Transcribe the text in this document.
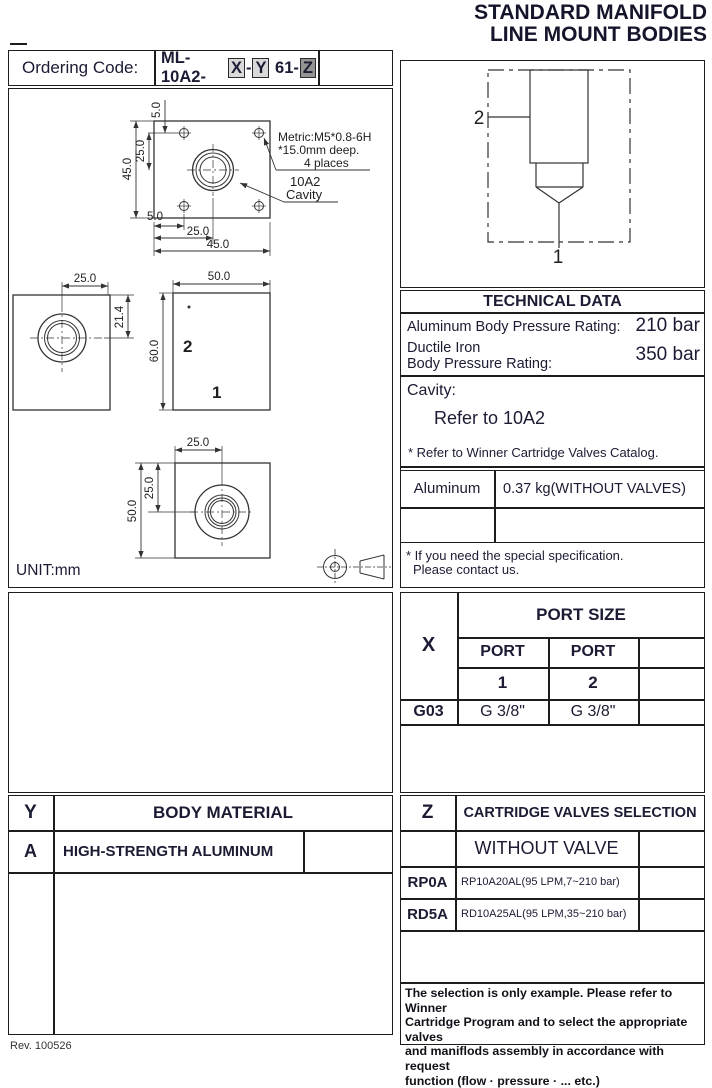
STANDARD MANIFOLD
LINE MOUNT BODIES
Ordering Code:	ML-10A2-
X - Y 61- Z
5.0
45.0
25.0
5.0
25.0
45.0
Metric:M5*0.8-6H
*15.0mm deep.
4 places
10A2
Cavity
25.0
21.4
50.0
60.0 2
1
25.0
50.0
25.0
UNIT:mm
2
1
TECHNICAL DATA
Aluminum Body Pressure Rating: 210 bar
Ductile Iron
Body Pressure Rating:	350 bar
Cavity:
Refer to 10A2
* Refer to Winner Cartridge Valves Catalog.
Aluminum	0.37 kg(WITHOUT VALVES)
* If you need the special specification.
Please contact us.
X
PORT SIZE
PORT	PORT
1	2
G03	G 3/8"	G 3/8"
Y	BODY MATERIAL
A	HIGH-STRENGTH ALUMINUM
Z	CARTRIDGE VALVES SELECTION
WITHOUT VALVE
RP0A	RP10A20AL(95 LPM,7~210 bar)
RD5A	RD10A25AL(95 LPM,35~210 bar)
The selection is only example. Please refer to Winner
Cartridge Program and to select the appropriate valves
and maniflods assembly in accordance with request
function (flow · pressure · ... etc.)
Rev. 100526
